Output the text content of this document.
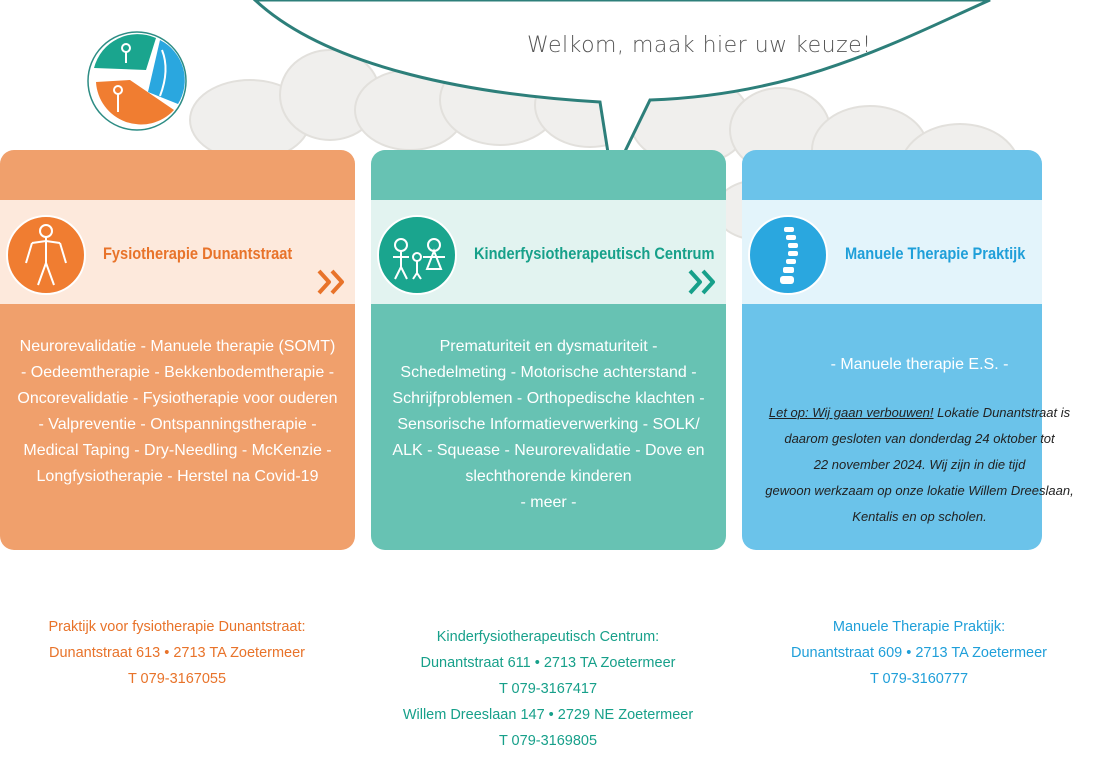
Welkom, maak hier uw keuze!
Fysiotherapie Dunantstraat

Neurorevalidatie - Manuele therapie (SOMT)

- Oedeemtherapie - Bekkenbodemtherapie -

Oncorevalidatie - Fysiotherapie voor ouderen

- Valpreventie - Ontspanningstherapie -

Medical Taping - Dry-Needling - McKenzie -

Longfysiotherapie - Herstel na Covid-19

Kinderfysiotherapeutisch Centrum

Prematuriteit en dysmaturiteit -

Schedelmeting - Motorische achterstand -

Schrijfproblemen - Orthopedische klachten -

Sensorische Informatieverwerking - SOLK/

ALK - Squease - Neurorevalidatie - Dove en

slechthorende kinderen

- meer -

Manuele Therapie Praktijk

- Manuele therapie E.S. -

Let op: Wij gaan verbouwen! Lokatie Dunantstraat is

daarom gesloten van donderdag 24 oktober tot

22 november 2024. Wij zijn in die tijd

gewoon werkzaam op onze lokatie Willem Dreeslaan,

Kentalis en op scholen.

Praktijk voor fysiotherapie Dunantstraat:

Dunantstraat 613 • 2713 TA Zoetermeer

T 079-3167055

Kinderfysiotherapeutisch Centrum:

Dunantstraat 611 • 2713 TA Zoetermeer

T 079-3167417

Willem Dreeslaan 147 • 2729 NE Zoetermeer

T 079-3169805

Manuele Therapie Praktijk:

Dunantstraat 609 • 2713 TA Zoetermeer

T 079-3160777
